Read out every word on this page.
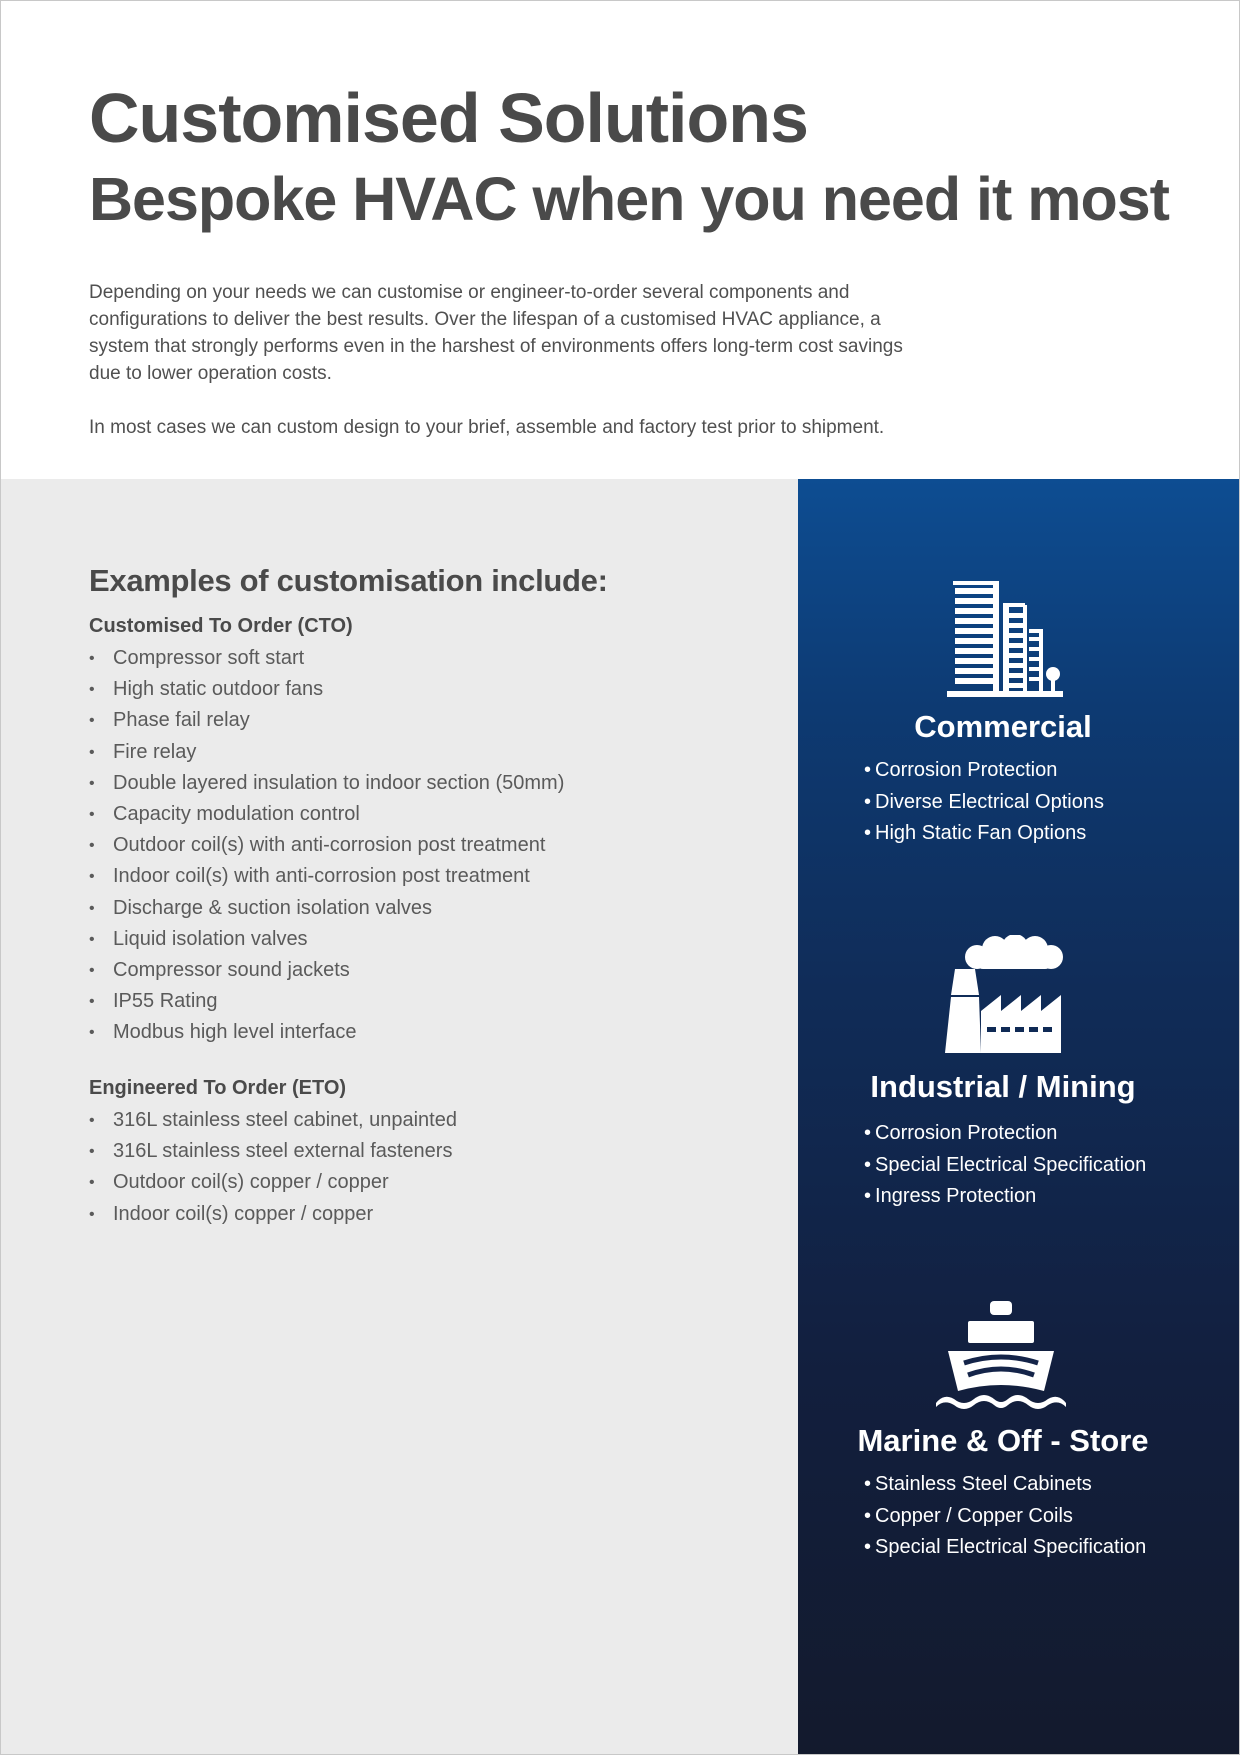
Customised Solutions
Bespoke HVAC when you need it most

Depending on your needs we can customise or engineer-to-order several components and configurations to deliver the best results. Over the lifespan of a customised HVAC appliance, a system that strongly performs even in the harshest of environments offers long-term cost savings due to lower operation costs.

In most cases we can custom design to your brief, assemble and factory test prior to shipment.

Examples of customisation include:
Customised To Order (CTO)
• Compressor soft start
• High static outdoor fans
• Phase fail relay
• Fire relay
• Double layered insulation to indoor section (50mm)
• Capacity modulation control
• Outdoor coil(s) with anti-corrosion post treatment
• Indoor coil(s) with anti-corrosion post treatment
• Discharge & suction isolation valves
• Liquid isolation valves
• Compressor sound jackets
• IP55 Rating
• Modbus high level interface
Engineered To Order (ETO)
• 316L stainless steel cabinet, unpainted
• 316L stainless steel external fasteners
• Outdoor coil(s) copper / copper
• Indoor coil(s) copper / copper
Commercial
• Corrosion Protection
• Diverse Electrical Options
• High Static Fan Options
Industrial / Mining
• Corrosion Protection
• Special Electrical Specification
• Ingress Protection
Marine & Off - Store
• Stainless Steel Cabinets
• Copper / Copper Coils
• Special Electrical Specification
